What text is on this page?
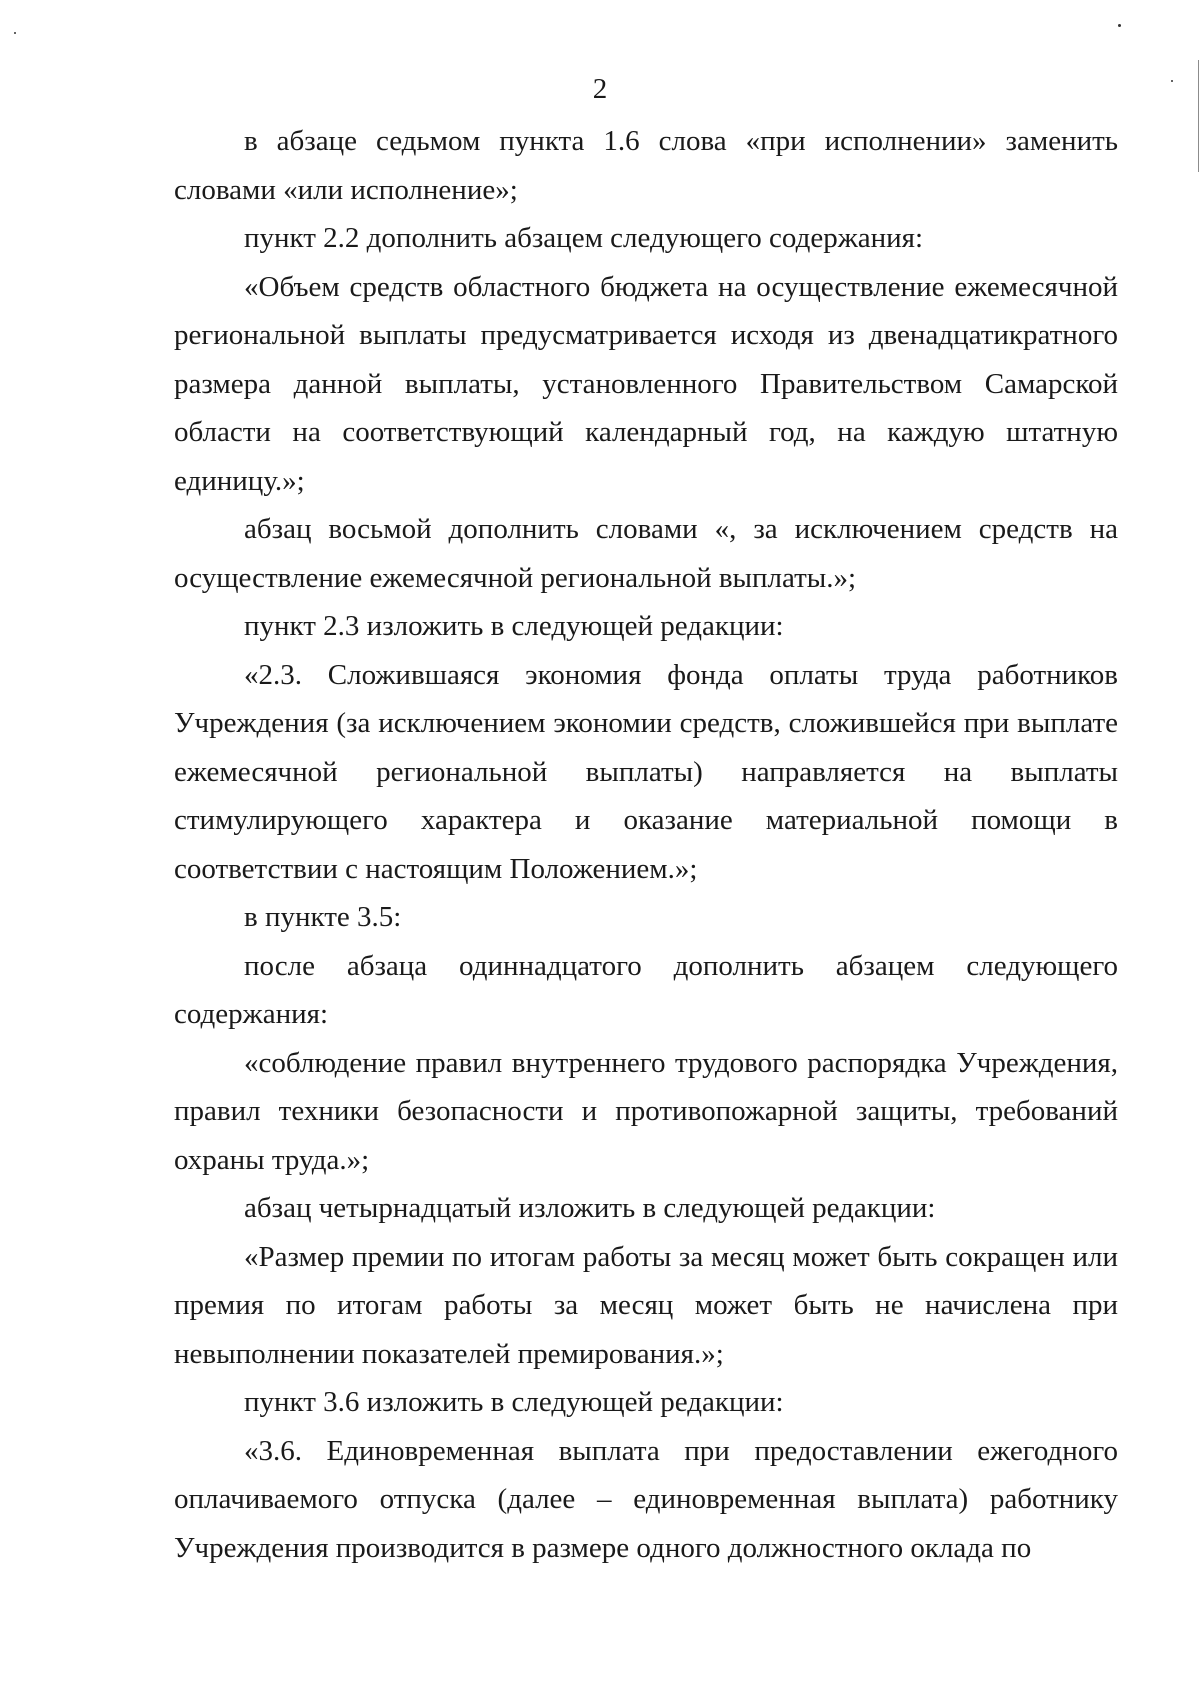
2

в абзаце седьмом пункта 1.6 слова «при исполнении» заменить словами «или исполнение»;

пункт 2.2 дополнить абзацем следующего содержания:

«Объем средств областного бюджета на осуществление ежемесячной региональной выплаты предусматривается исходя из двенадцатикратного размера данной выплаты, установленного Правительством Самарской области на соответствующий календарный год, на каждую штатную единицу.»;

абзац восьмой дополнить словами «, за исключением средств на осуществление ежемесячной региональной выплаты.»;

пункт 2.3 изложить в следующей редакции:

«2.3. Сложившаяся экономия фонда оплаты труда работников Учреждения (за исключением экономии средств, сложившейся при выплате ежемесячной региональной выплаты) направляется на выплаты стимулирующего характера и оказание материальной помощи в соответствии с настоящим Положением.»;

в пункте 3.5:

после абзаца одиннадцатого дополнить абзацем следующего содержания:

«соблюдение правил внутреннего трудового распорядка Учреждения, правил техники безопасности и противопожарной защиты, требований охраны труда.»;

абзац четырнадцатый изложить в следующей редакции:

«Размер премии по итогам работы за месяц может быть сокращен или премия по итогам работы за месяц может быть не начислена при невыполнении показателей премирования.»;

пункт 3.6 изложить в следующей редакции:

«3.6. Единовременная выплата при предоставлении ежегодного оплачиваемого отпуска (далее – единовременная выплата) работнику Учреждения производится в размере одного должностного оклада по
